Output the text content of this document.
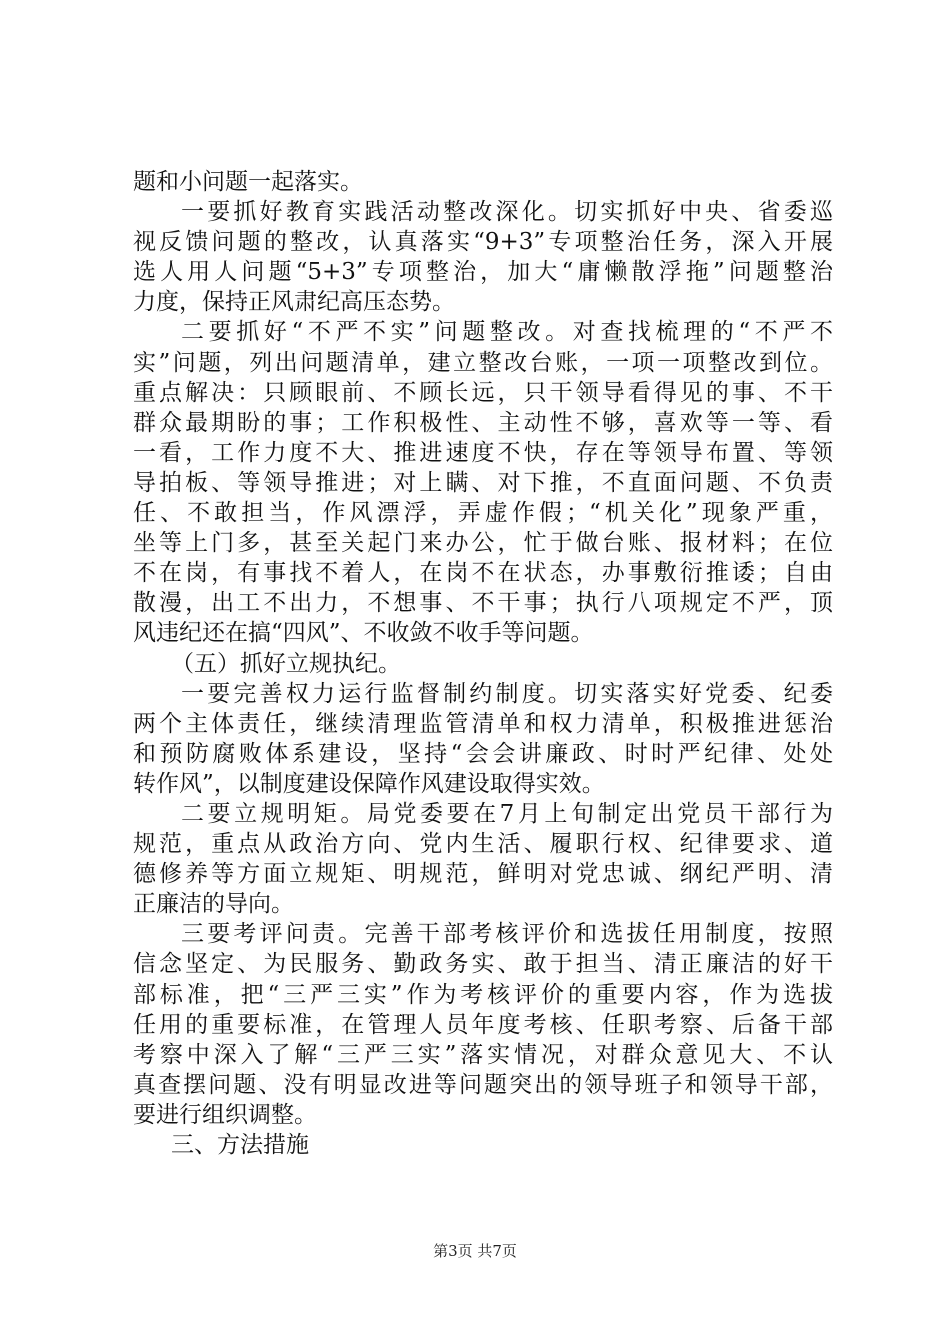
题和小问题一起落实。
一要抓好教育实践活动整改深化。切实抓好中央、省委巡
视反馈问题的整改，认真落实“9+3”专项整治任务，深入开展
选人用人问题“5+3”专项整治，加大“庸懒散浮拖”问题整治
力度，保持正风肃纪高压态势。
二要抓好“不严不实”问题整改。对查找梳理的“不严不
实”问题，列出问题清单，建立整改台账，一项一项整改到位。
重点解决：只顾眼前、不顾长远，只干领导看得见的事、不干
群众最期盼的事；工作积极性、主动性不够，喜欢等一等、看
一看，工作力度不大、推进速度不快，存在等领导布置、等领
导拍板、等领导推进；对上瞒、对下推，不直面问题、不负责
任、不敢担当，作风漂浮，弄虚作假；“机关化”现象严重，
坐等上门多，甚至关起门来办公，忙于做台账、报材料；在位
不在岗，有事找不着人，在岗不在状态，办事敷衍推诿；自由
散漫，出工不出力，不想事、不干事；执行八项规定不严，顶
风违纪还在搞“四风”、不收敛不收手等问题。
（五）抓好立规执纪。
一要完善权力运行监督制约制度。切实落实好党委、纪委
两个主体责任，继续清理监管清单和权力清单，积极推进惩治
和预防腐败体系建设，坚持“会会讲廉政、时时严纪律、处处
转作风”，以制度建设保障作风建设取得实效。
二要立规明矩。局党委要在7月上旬制定出党员干部行为
规范，重点从政治方向、党内生活、履职行权、纪律要求、道
德修养等方面立规矩、明规范，鲜明对党忠诚、纲纪严明、清
正廉洁的导向。
三要考评问责。完善干部考核评价和选拔任用制度，按照
信念坚定、为民服务、勤政务实、敢于担当、清正廉洁的好干
部标准，把“三严三实”作为考核评价的重要内容，作为选拔
任用的重要标准，在管理人员年度考核、任职考察、后备干部
考察中深入了解“三严三实”落实情况，对群众意见大、不认
真查摆问题、没有明显改进等问题突出的领导班子和领导干部，
要进行组织调整。
三、方法措施
第3页 共7页
